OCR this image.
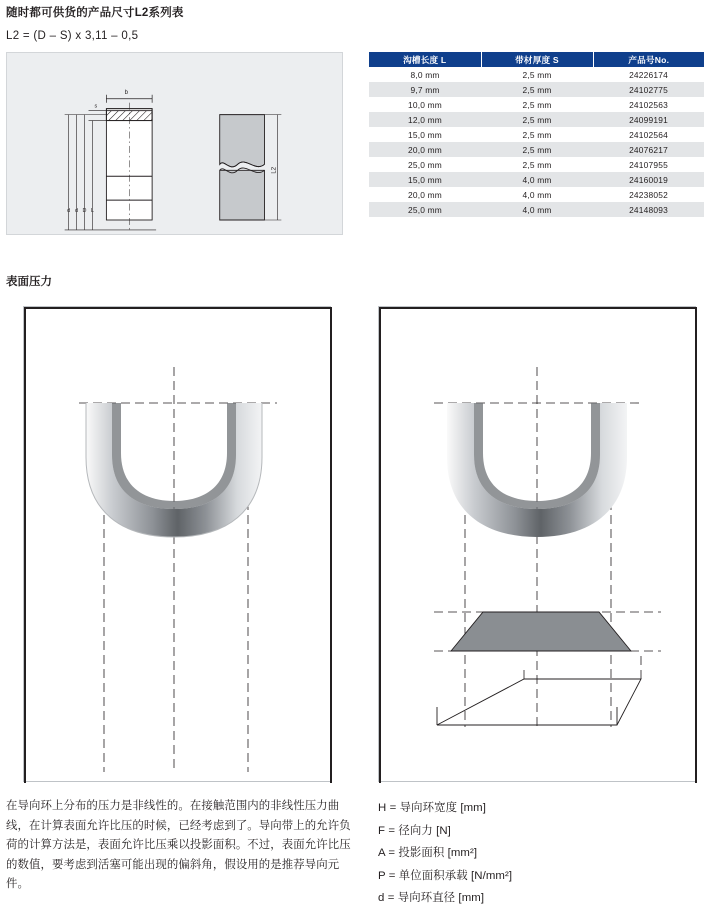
随时都可供货的产品尺寸L2系列表
L2 = (D – S) x 3,11 – 0,5
b
s
d d D L
L2
沟槽长度 L	带材厚度 S	产品号No.
8,0 mm	2,5 mm	24226174
9,7 mm	2,5 mm	24102775
10,0 mm	2,5 mm	24102563
12,0 mm	2,5 mm	24099191
15,0 mm	2,5 mm	24102564
20,0 mm	2,5 mm	24076217
25,0 mm	2,5 mm	24107955
15,0 mm	4,0 mm	24160019
20,0 mm	4,0 mm	24238052
25,0 mm	4,0 mm	24148093
表面压力
在导向环上分布的压力是非线性的。在接触范围内的非线性压力曲线，在计算表面允许比压的时候，已经考虑到了。导向带上的允许负荷的计算方法是，表面允许比压乘以投影面积。不过，表面允许比压的数值，要考虑到活塞可能出现的偏斜角，假设用的是推荐导向元件。
H = 导向环宽度 [mm]
F = 径向力 [N]
A = 投影面积 [mm²]
P = 单位面积承载 [N/mm²]
d = 导向环直径 [mm]
